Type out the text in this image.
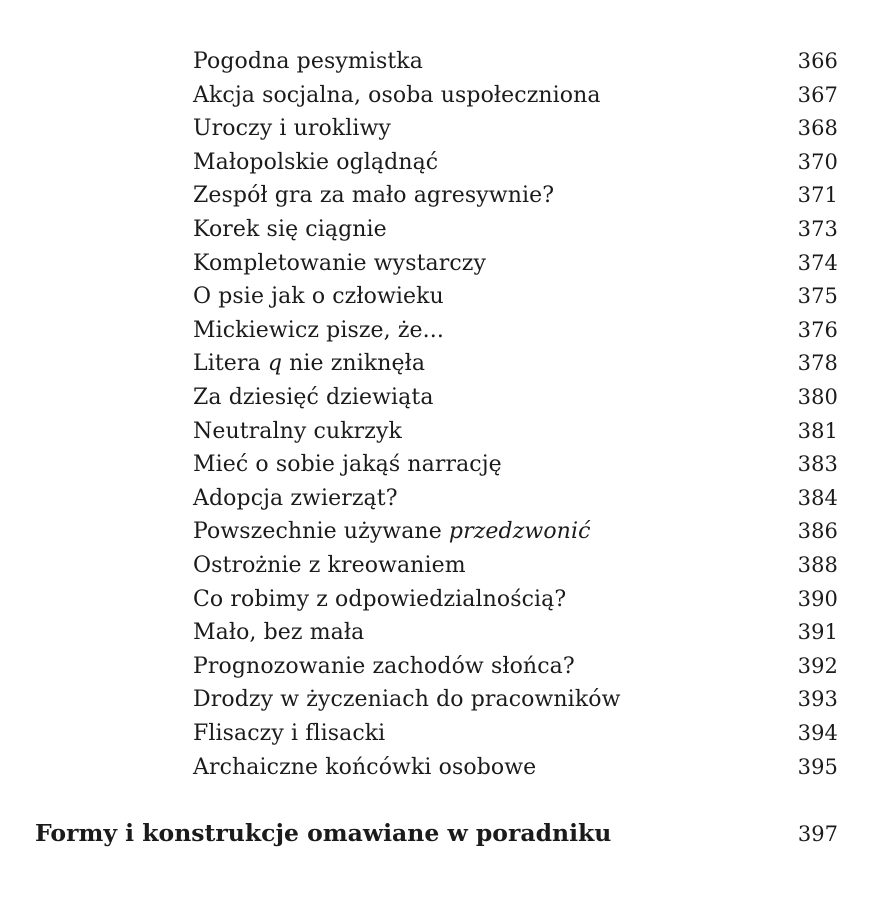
Pogodna pesymistka	366
Akcja socjalna, osoba uspołeczniona	367
Uroczy i urokliwy	368
Małopolskie oglądnąć	370
Zespół gra za mało agresywnie?	371
Korek się ciągnie	373
Kompletowanie wystarczy	374
O psie jak o człowieku	375
Mickiewicz pisze, że...	376
Litera q nie zniknęła	378
Za dziesięć dziewiąta	380
Neutralny cukrzyk	381
Mieć o sobie jakąś narrację	383
Adopcja zwierząt?	384
Powszechnie używane przedzwonić	386
Ostrożnie z kreowaniem	388
Co robimy z odpowiedzialnością?	390
Mało, bez mała	391
Prognozowanie zachodów słońca?	392
Drodzy w życzeniach do pracowników	393
Flisaczy i flisacki	394
Archaiczne końcówki osobowe	395
Formy i konstrukcje omawiane w poradniku	397
